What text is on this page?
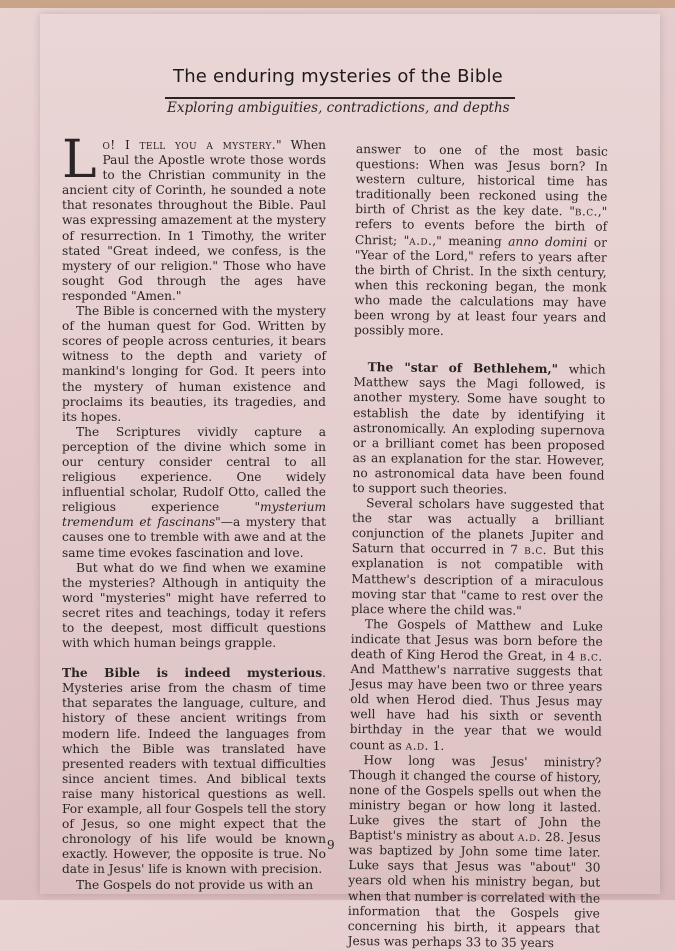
The enduring mysteries of the Bible
Exploring ambiguities, contradictions, and depths

Lo! I tell you a mystery." When Paul the Apostle wrote those words to the Christian community in the ancient city of Corinth, he sounded a note that resonates throughout the Bible. Paul was expressing amazement at the mystery of resurrection. In 1 Timothy, the writer stated "Great indeed, we confess, is the mystery of our religion." Those who have sought God through the ages have responded "Amen."

The Bible is concerned with the mystery of the human quest for God. Written by scores of people across centuries, it bears witness to the depth and variety of mankind's longing for God. It peers into the mystery of human existence and proclaims its beauties, its tragedies, and its hopes.

The Scriptures vividly capture a perception of the divine which some in our century consider central to all religious experience. One widely influential scholar, Rudolf Otto, called the religious experience "mysterium tremendum et fascinans"—a mystery that causes one to tremble with awe and at the same time evokes fascination and love.

But what do we find when we examine the mysteries? Although in antiquity the word "mysteries" might have referred to secret rites and teachings, today it refers to the deepest, most difficult questions with which human beings grapple.

The Bible is indeed mysterious. Mysteries arise from the chasm of time that separates the language, culture, and history of these ancient writings from modern life. Indeed the languages from which the Bible was translated have presented readers with textual difficulties since ancient times. And biblical texts raise many historical questions as well. For example, all four Gospels tell the story of Jesus, so one might expect that the chronology of his life would be known exactly. However, the opposite is true. No date in Jesus' life is known with precision.

The Gospels do not provide us with an

answer to one of the most basic questions: When was Jesus born? In western culture, historical time has traditionally been reckoned using the birth of Christ as the key date. "b.c.," refers to events before the birth of Christ; "a.d.," meaning anno domini or "Year of the Lord," refers to years after the birth of Christ. In the sixth century, when this reckoning began, the monk who made the calculations may have been wrong by at least four years and possibly more.

The "star of Bethlehem," which Matthew says the Magi followed, is another mystery. Some have sought to establish the date by identifying it astronomically. An exploding supernova or a brilliant comet has been proposed as an explanation for the star. However, no astronomical data have been found to support such theories.

Several scholars have suggested that the star was actually a brilliant conjunction of the planets Jupiter and Saturn that occurred in 7 b.c. But this explanation is not compatible with Matthew's description of a miraculous moving star that "came to rest over the place where the child was."

The Gospels of Matthew and Luke indicate that Jesus was born before the death of King Herod the Great, in 4 b.c. And Matthew's narrative suggests that Jesus may have been two or three years old when Herod died. Thus Jesus may well have had his sixth or seventh birthday in the year that we would count as a.d. 1.

How long was Jesus' ministry? Though it changed the course of history, none of the Gospels spells out when the ministry began or how long it lasted. Luke gives the start of John the Baptist's ministry as about a.d. 28. Jesus was baptized by John some time later. Luke says that Jesus was "about" 30 years old when his ministry began, but when that number is correlated with the information that the Gospels give concerning his birth, it appears that Jesus was perhaps 33 to 35 years

9
